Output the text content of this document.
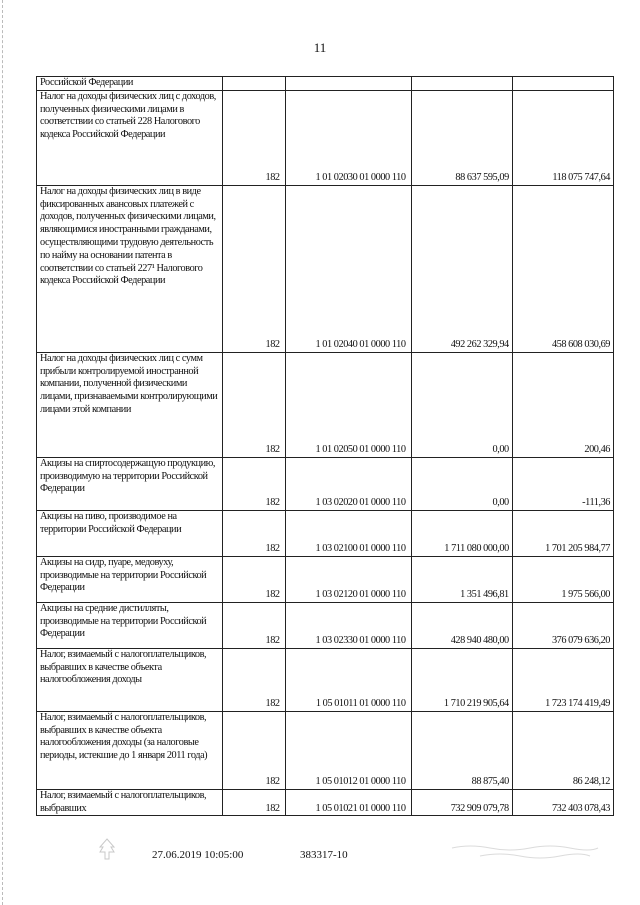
11
Российской Федерации				
Налог на доходы физических лиц с доходов, полученных физическими лицами в соответствии со статьей 228 Налогового кодекса Российской Федерации	182	1 01 02030 01 0000 110	88 637 595,09	118 075 747,64
Налог на доходы физических лиц в виде фиксированных авансовых платежей с доходов, полученных физическими лицами, являющимися иностранными гражданами, осуществляющими трудовую деятельность по найму на основании патента в соответствии со статьей 227¹ Налогового кодекса Российской Федерации	182	1 01 02040 01 0000 110	492 262 329,94	458 608 030,69
Налог на доходы физических лиц с сумм прибыли контролируемой иностранной компании, полученной физическими лицами, признаваемыми контролирующими лицами этой компании	182	1 01 02050 01 0000 110	0,00	200,46
Акцизы на спиртосодержащую продукцию, производимую на территории Российской Федерации	182	1 03 02020 01 0000 110	0,00	-111,36
Акцизы на пиво, производимое на территории Российской Федерации	182	1 03 02100 01 0000 110	1 711 080 000,00	1 701 205 984,77
Акцизы на сидр, пуаре, медовуху, производимые на территории Российской Федерации	182	1 03 02120 01 0000 110	1 351 496,81	1 975 566,00
Акцизы на средние дистилляты, производимые на территории Российской Федерации	182	1 03 02330 01 0000 110	428 940 480,00	376 079 636,20
Налог, взимаемый с налогоплательщиков, выбравших в качестве объекта налогообложения доходы	182	1 05 01011 01 0000 110	1 710 219 905,64	1 723 174 419,49
Налог, взимаемый с налогоплательщиков, выбравших в качестве объекта налогообложения доходы (за налоговые периоды, истекшие до 1 января 2011 года)	182	1 05 01012 01 0000 110	88 875,40	86 248,12
Налог, взимаемый с налогоплательщиков, выбравших	182	1 05 01021 01 0000 110	732 909 079,78	732 403 078,43
27.06.2019 10:05:00	383317-10
